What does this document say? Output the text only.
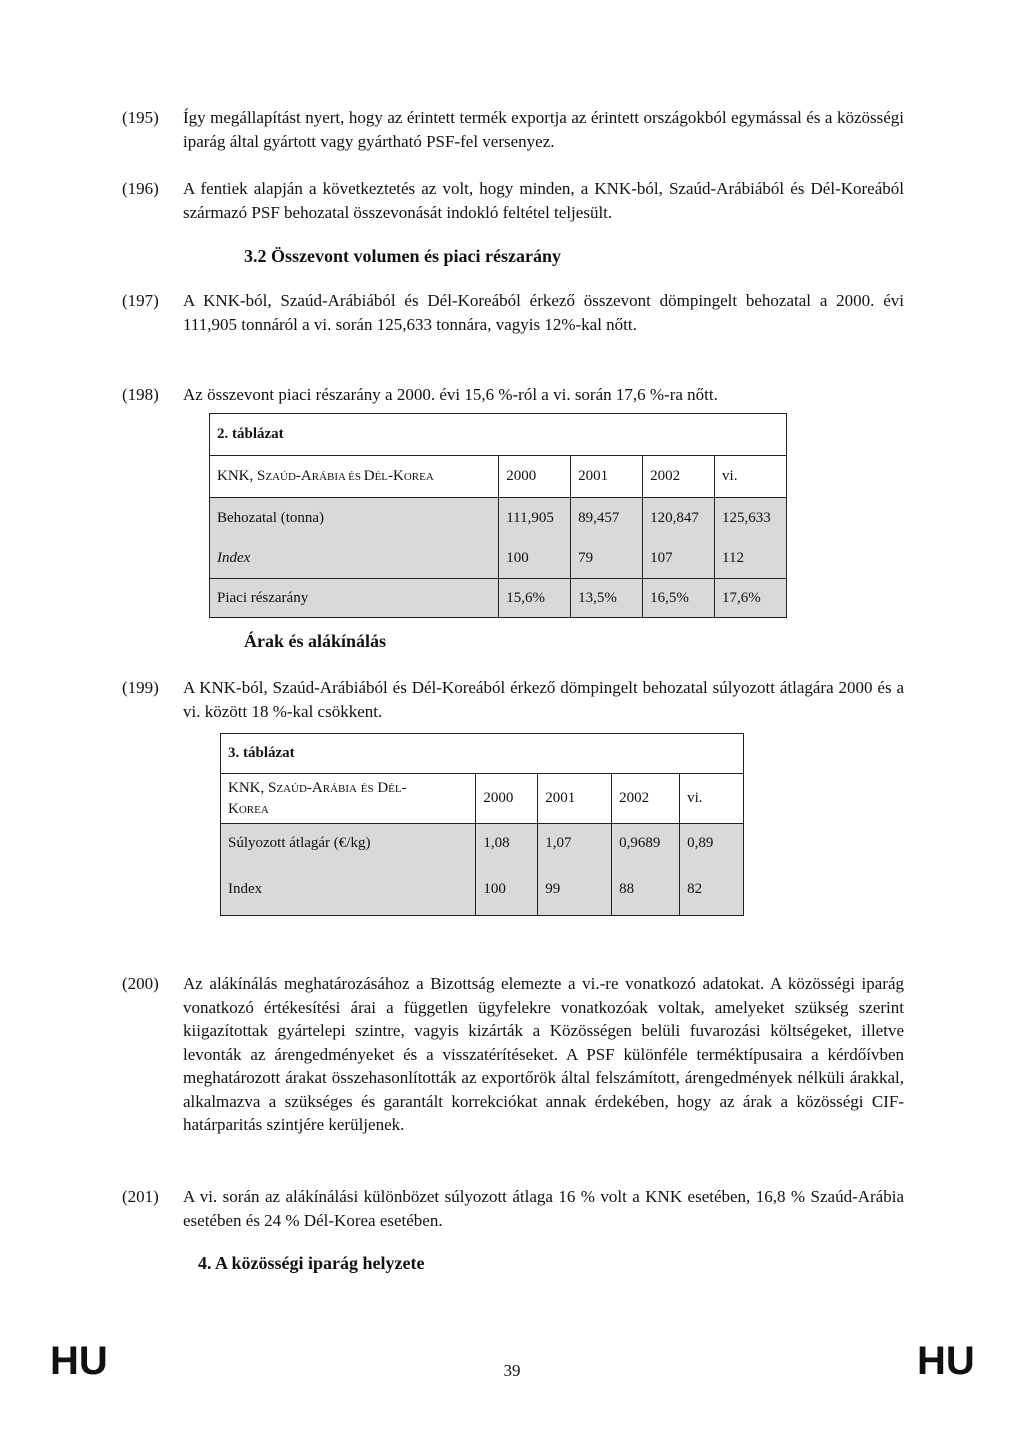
(195) Így megállapítást nyert, hogy az érintett termék exportja az érintett országokból egymással és a közösségi iparág által gyártott vagy gyártható PSF-fel versenyez.
(196) A fentiek alapján a következtetés az volt, hogy minden, a KNK-ból, Szaúd-Arábiából és Dél-Koreából származó PSF behozatal összevonását indokló feltétel teljesült.
3.2 Összevont volumen és piaci részarány
(197) A KNK-ból, Szaúd-Arábiából és Dél-Koreából érkező összevont dömpingelt behozatal a 2000. évi 111,905 tonnáról a vi. során 125,633 tonnára, vagyis 12%-kal nőtt.
(198) Az összevont piaci részarány a 2000. évi 15,6 %-ról a vi. során 17,6 %-ra nőtt.
2. táblázat				
KNK, SZAÚD-ARÁBIA ÉS DÉL-KOREA	2000	2001	2002	vi.
Behozatal (tonna)	111,905	89,457	120,847	125,633
Index	100	79	107	112
Piaci részarány	15,6%	13,5%	16,5%	17,6%
Árak és alákínálás
(199) A KNK-ból, Szaúd-Arábiából és Dél-Koreából érkező dömpingelt behozatal súlyozott átlagára 2000 és a vi. között 18 %-kal csökkent.
3. táblázat				
KNK, SZAÚD-ARÁBIA ÉS DÉL-
KOREA	2000	2001	2002	vi.
Súlyozott átlagár (€/kg)	1,08	1,07	0,9689	0,89
Index	100	99	88	82
(200) Az alákínálás meghatározásához a Bizottság elemezte a vi.-re vonatkozó adatokat. A közösségi iparág vonatkozó értékesítési árai a független ügyfelekre vonatkozóak voltak, amelyeket szükség szerint kiigazítottak gyártelepi szintre, vagyis kizárták a Közösségen belüli fuvarozási költségeket, illetve levonták az árengedményeket és a visszatérítéseket. A PSF különféle terméktípusaira a kérdőívben meghatározott árakat összehasonlították az exportőrök által felszámított, árengedmények nélküli árakkal, alkalmazva a szükséges és garantált korrekciókat annak érdekében, hogy az árak a közösségi CIF-határparitás szintjére kerüljenek.
(201) A vi. során az alákínálási különbözet súlyozott átlaga 16 % volt a KNK esetében, 16,8 % Szaúd-Arábia esetében és 24 % Dél-Korea esetében.
4. A közösségi iparág helyzete
HU	39	HU
